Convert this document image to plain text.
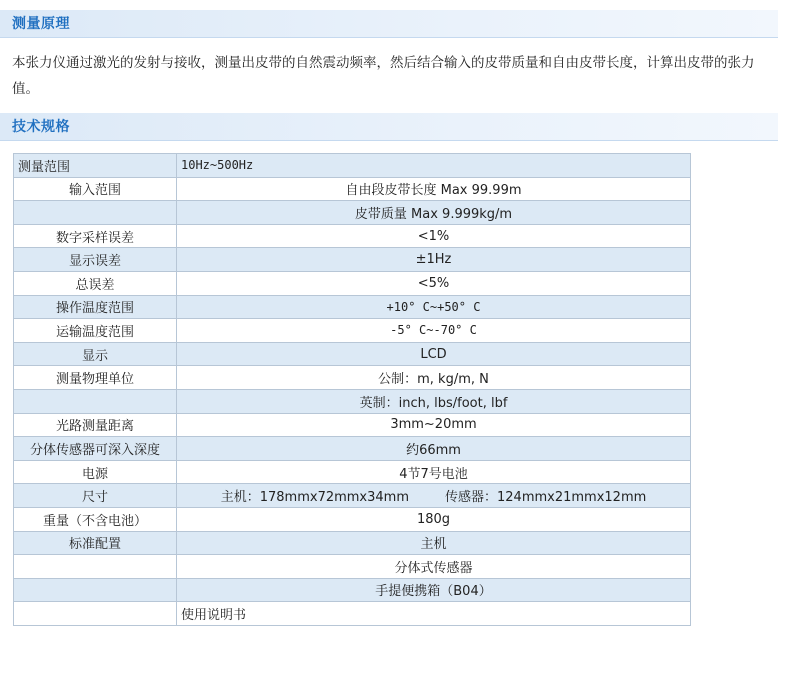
测量原理

本张力仪通过激光的发射与接收，测量出皮带的自然震动频率，然后结合输入的皮带质量和自由皮带长度，计算出皮带的张力值。

技术规格
测量范围	10Hz~500Hz
输入范围	自由段皮带长度 Max 99.99m
	皮带质量 Max 9.999kg/m
数字采样误差	<1%
显示误差	±1Hz
总误差	<5%
操作温度范围	+10° C~+50° C
运输温度范围	-5° C~-70° C
显示	LCD
测量物理单位	公制：m, kg/m, N
	英制：inch, lbs/foot, lbf
光路测量距离	3mm~20mm
分体传感器可深入深度	约66mm
电源	4节7号电池
尺寸	主机：178mmx72mmx34mm 传感器：124mmx21mmx12mm
重量（不含电池）	180g
标准配置	主机
	分体式传感器
	手提便携箱（B04）
	使用说明书
